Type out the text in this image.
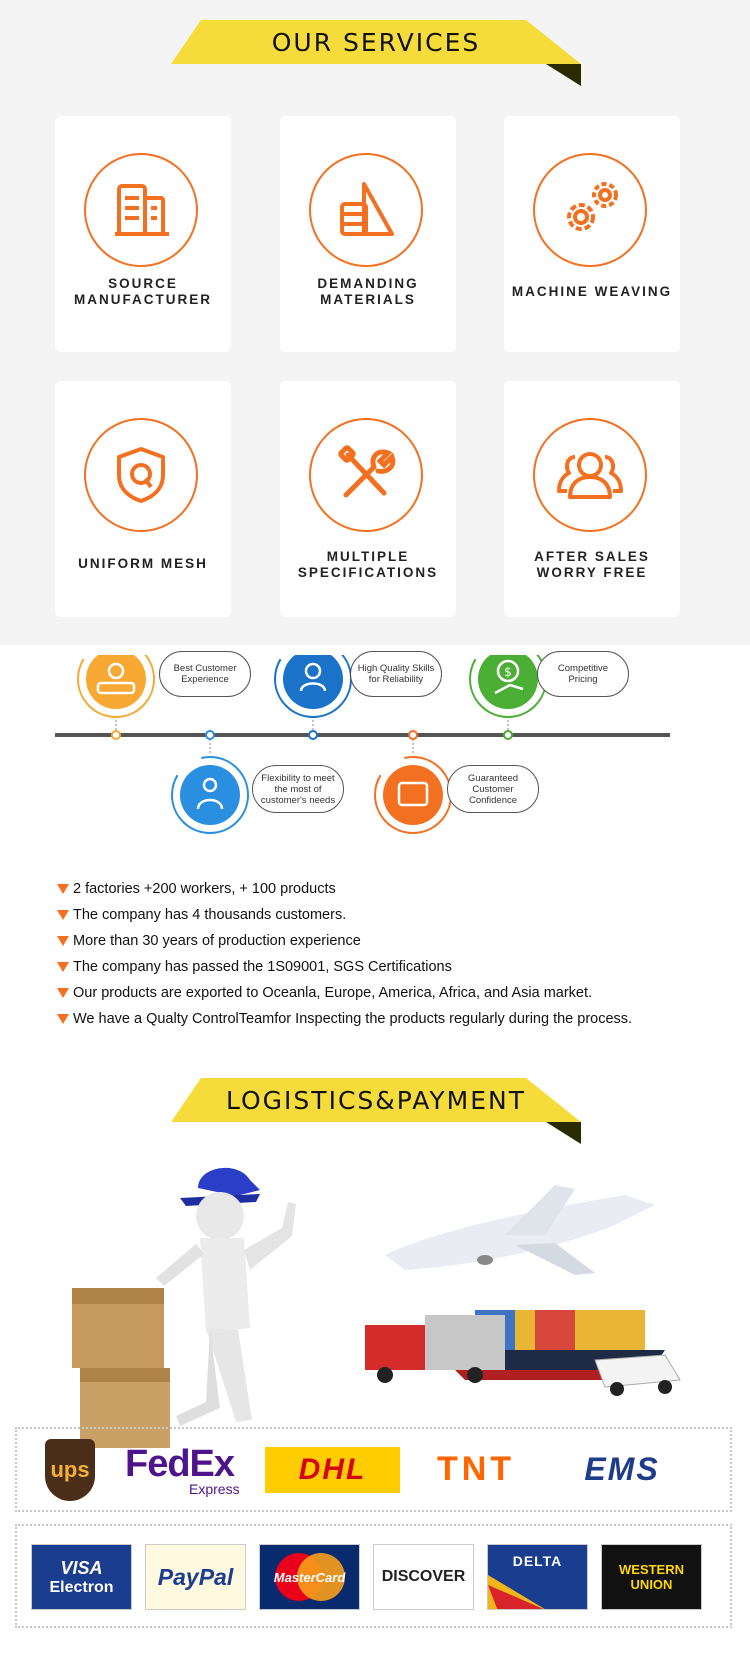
OUR SERVICES
SOURCE
MANUFACTURER
DEMANDING
MATERIALS
MACHINE WEAVING
UNIFORM MESH	MULTIPLE
SPECIFICATIONS
AFTER SALES
WORRY FREE
$
Best Customer
Experience
High Quality Skills
for Reliability
Competitive
Pricing
Flexibility to meet
the most of
customer's needs
Guaranteed
Customer
Confidence
2 factories +200 workers, + 100 products
The company has 4 thousands customers.
More than 30 years of production experience
The company has passed the 1S09001, SGS Certifications
Our products are exported to Oceanla, Europe, America, Africa, and Asia market.
We have a Qualty ControlTeamfor Inspecting the products regularly during the process.
LOGISTICS&PAYMENT
ups FedEx
Express
DHL TNT EMS
VISA
Electron PayPal	MasterCard DISCOVER
DELTA
WESTERN
UNION
